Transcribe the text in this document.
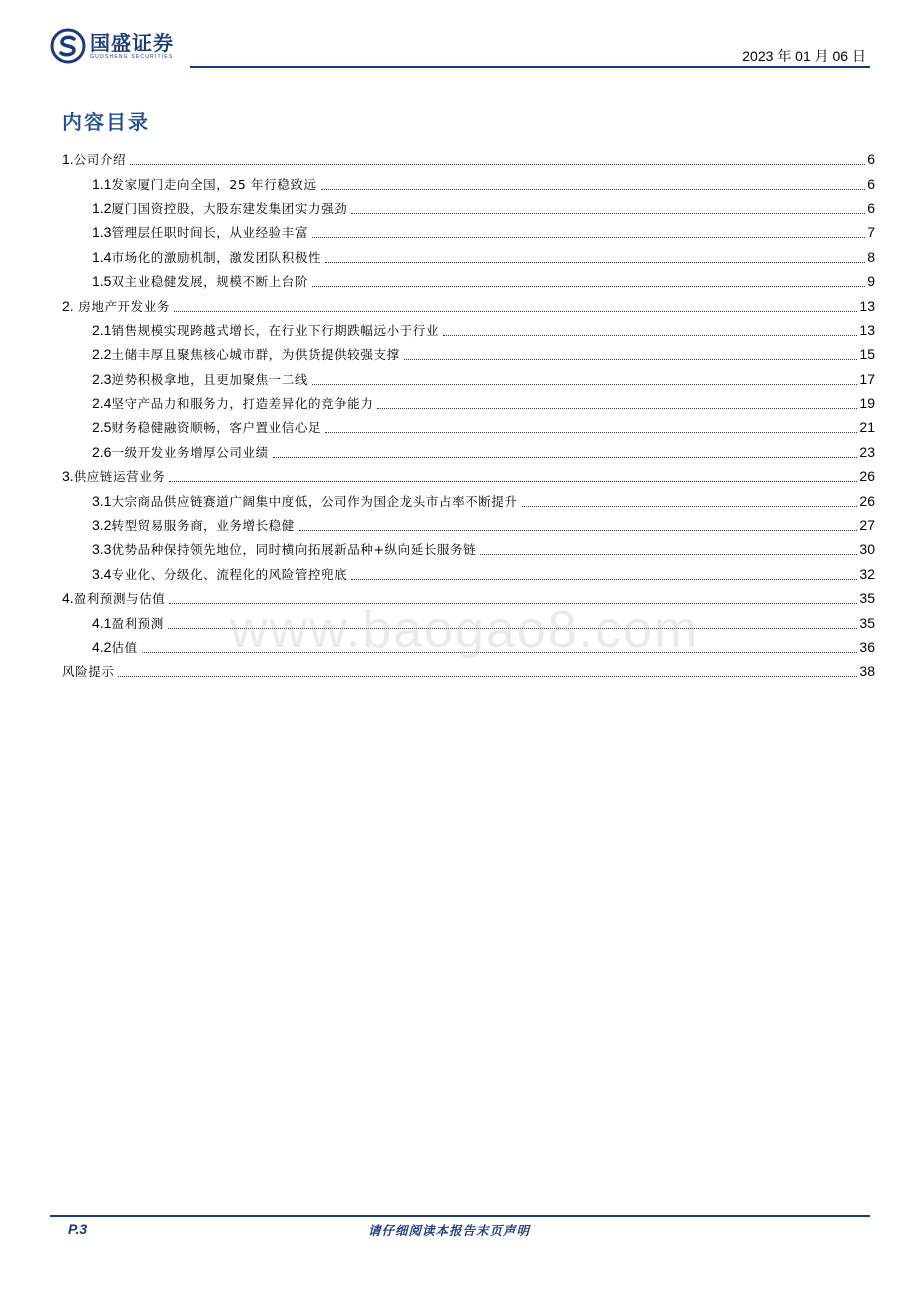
国盛证券
GUOSHENG SECURITIES	2023 年 01 月 06 日
内容目录
1.公司介绍	6
1.1发家厦门走向全国，25 年行稳致远	6
1.2厦门国资控股，大股东建发集团实力强劲	6
1.3管理层任职时间长，从业经验丰富	7
1.4市场化的激励机制，激发团队积极性	8
1.5双主业稳健发展，规模不断上台阶	9
2. 房地产开发业务	13
2.1销售规模实现跨越式增长，在行业下行期跌幅远小于行业	13
2.2土储丰厚且聚焦核心城市群，为供货提供较强支撑	15
2.3逆势积极拿地，且更加聚焦一二线	17
2.4坚守产品力和服务力，打造差异化的竞争能力	19
2.5财务稳健融资顺畅，客户置业信心足	21
2.6一级开发业务增厚公司业绩	23
3.供应链运营业务	26
3.1大宗商品供应链赛道广阔集中度低，公司作为国企龙头市占率不断提升	26
3.2转型贸易服务商，业务增长稳健	27
3.3优势品种保持领先地位，同时横向拓展新品种+纵向延长服务链	30
3.4专业化、分级化、流程化的风险管控兜底	32
4.盈利预测与估值	35
4.1盈利预测	35
4.2估值	36
风险提示	38
www.baogao8.com
P.3	请仔细阅读本报告末页声明
